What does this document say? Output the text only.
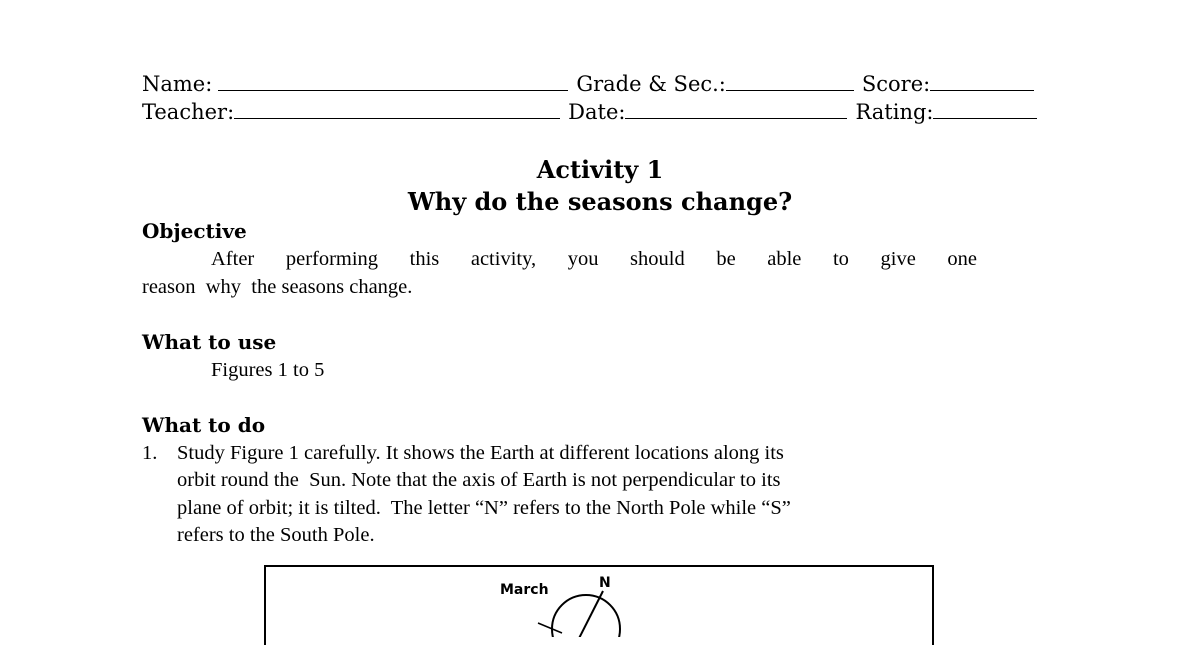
Name:	Grade & Sec.:	Score:
Teacher:	Date:	Rating:
Activity 1
Why do the seasons change?
Objective
After performing this activity, you should be able to give one
reason  why  the seasons change.
What to use
Figures 1 to 5
What to do
1. Study Figure 1 carefully. It shows the Earth at different locations along its
orbit round the  Sun. Note that the axis of Earth is not perpendicular to its
plane of orbit; it is tilted.  The letter “N” refers to the North Pole while “S”
refers to the South Pole.
March	N
